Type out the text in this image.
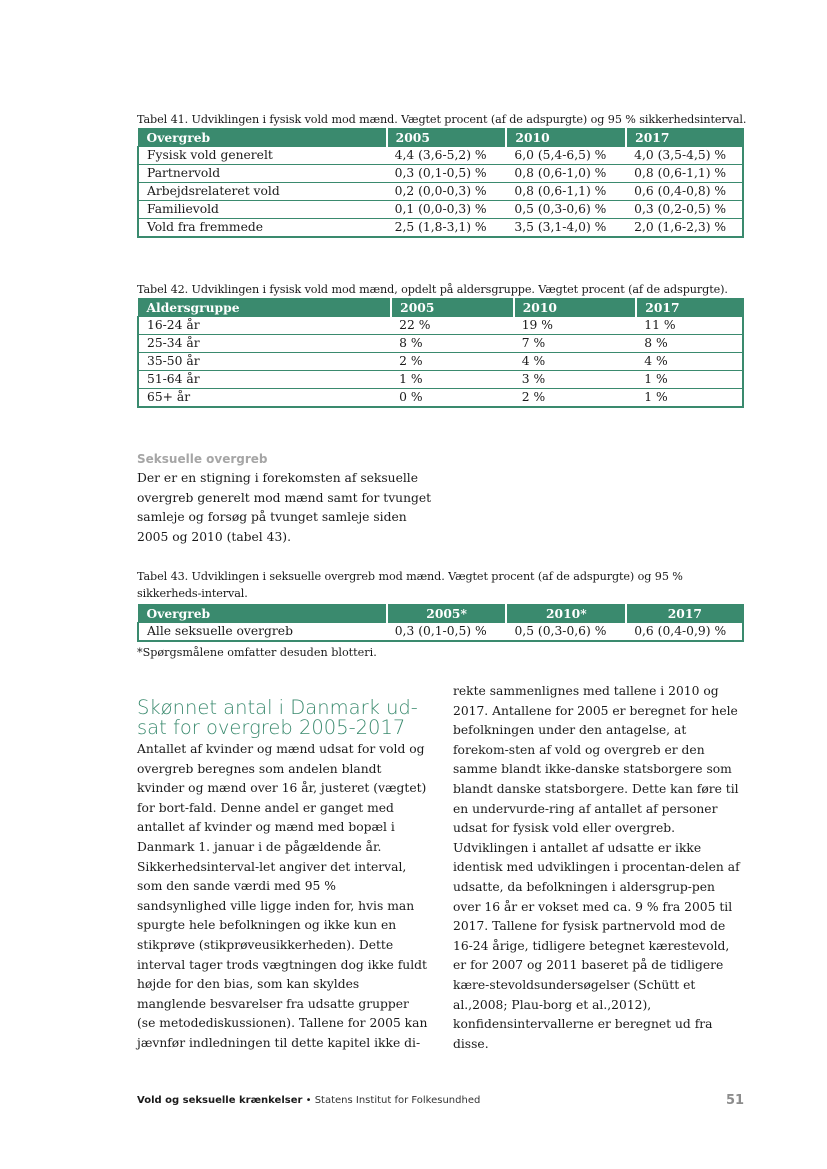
Tabel 41. Udviklingen i fysisk vold mod mænd. Vægtet procent (af de adspurgte) og 95 % sikkerhedsinterval.
Overgreb	2005	2010	2017
Fysisk vold generelt	4,4 (3,6-5,2) %	6,0 (5,4-6,5) %	4,0 (3,5-4,5) %
Partnervold	0,3 (0,1-0,5) %	0,8 (0,6-1,0) %	0,8 (0,6-1,1) %
Arbejdsrelateret vold	0,2 (0,0-0,3) %	0,8 (0,6-1,1) %	0,6 (0,4-0,8) %
Familievold	0,1 (0,0-0,3) %	0,5 (0,3-0,6) %	0,3 (0,2-0,5) %
Vold fra fremmede	2,5 (1,8-3,1) %	3,5 (3,1-4,0) %	2,0 (1,6-2,3) %
Tabel 42. Udviklingen i fysisk vold mod mænd, opdelt på aldersgruppe. Vægtet procent (af de adspurgte).
Aldersgruppe	2005	2010	2017
16-24 år	22 %	19 %	11 %
25-34 år	8 %	7 %	8 %
35-50 år	2 %	4 %	4 %
51-64 år	1 %	3 %	1 %
65+ år	0 %	2 %	1 %
Seksuelle overgreb

Der er en stigning i forekomsten af seksuelle overgreb generelt mod mænd samt for tvunget samleje og forsøg på tvunget samleje siden 2005 og 2010 (tabel 43).

Tabel 43. Udviklingen i seksuelle overgreb mod mænd. Vægtet procent (af de adspurgte) og 95 % sikkerheds-interval.
Overgreb	2005*	2010*	2017
Alle seksuelle overgreb	0,3 (0,1-0,5) %	0,5 (0,3-0,6) %	0,6 (0,4-0,9) %
*Spørgsmålene omfatter desuden blotteri.
Skønnet antal i Danmark ud-sat for overgreb 2005-2017

Antallet af kvinder og mænd udsat for vold og overgreb beregnes som andelen blandt kvinder og mænd over 16 år, justeret (vægtet) for bort-fald. Denne andel er ganget med antallet af kvinder og mænd med bopæl i Danmark 1. januar i de pågældende år. Sikkerhedsinterval-let angiver det interval, som den sande værdi med 95 % sandsynlighed ville ligge inden for, hvis man spurgte hele befolkningen og ikke kun en stikprøve (stikprøveusikkerheden). Dette interval tager trods vægtningen dog ikke fuldt højde for den bias, som kan skyldes manglende besvarelser fra udsatte grupper (se metodediskussionen). Tallene for 2005 kan jævnfør indledningen til dette kapitel ikke di-

rekte sammenlignes med tallene i 2010 og 2017. Antallene for 2005 er beregnet for hele befolkningen under den antagelse, at forekom-sten af vold og overgreb er den samme blandt ikke-danske statsborgere som blandt danske statsborgere. Dette kan føre til en undervurde-ring af antallet af personer udsat for fysisk vold eller overgreb. Udviklingen i antallet af udsatte er ikke identisk med udviklingen i procentan-delen af udsatte, da befolkningen i aldersgrup-pen over 16 år er vokset med ca. 9 % fra 2005 til 2017. Tallene for fysisk partnervold mod de 16-24 årige, tidligere betegnet kærestevold, er for 2007 og 2011 baseret på de tidligere kære-stevoldsundersøgelser (Schütt et al.,2008; Plau-borg et al.,2012), konfidensintervallerne er beregnet ud fra disse.

Vold og seksuelle krænkelser • Statens Institut for Folkesundhed	51
